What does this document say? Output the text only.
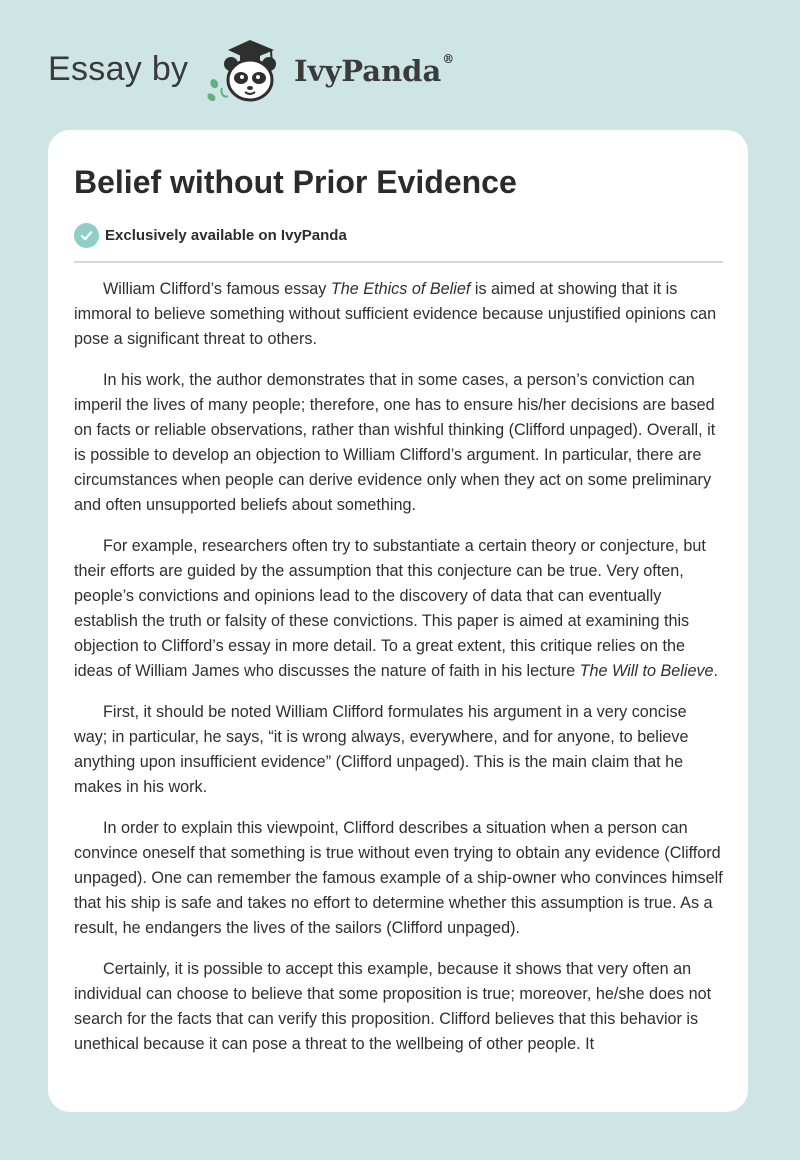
Essay by	IvyPanda®
Belief without Prior Evidence
Exclusively available on IvyPanda

William Clifford’s famous essay The Ethics of Belief is aimed at showing that it is immoral to believe something without sufficient evidence because unjustified opinions can pose a significant threat to others.

In his work, the author demonstrates that in some cases, a person’s conviction can imperil the lives of many people; therefore, one has to ensure his/her decisions are based on facts or reliable observations, rather than wishful thinking (Clifford unpaged). Overall, it is possible to develop an objection to William Clifford’s argument. In particular, there are circumstances when people can derive evidence only when they act on some preliminary and often unsupported beliefs about something.

For example, researchers often try to substantiate a certain theory or conjecture, but their efforts are guided by the assumption that this conjecture can be true. Very often, people’s convictions and opinions lead to the discovery of data that can eventually establish the truth or falsity of these convictions. This paper is aimed at examining this objection to Clifford’s essay in more detail. To a great extent, this critique relies on the ideas of William James who discusses the nature of faith in his lecture The Will to Believe.

First, it should be noted William Clifford formulates his argument in a very concise way; in particular, he says, “it is wrong always, everywhere, and for anyone, to believe anything upon insufficient evidence” (Clifford unpaged). This is the main claim that he makes in his work.

In order to explain this viewpoint, Clifford describes a situation when a person can convince oneself that something is true without even trying to obtain any evidence (Clifford unpaged). One can remember the famous example of a ship-owner who convinces himself that his ship is safe and takes no effort to determine whether this assumption is true. As a result, he endangers the lives of the sailors (Clifford unpaged).

Certainly, it is possible to accept this example, because it shows that very often an individual can choose to believe that some proposition is true; moreover, he/she does not search for the facts that can verify this proposition. Clifford believes that this behavior is unethical because it can pose a threat to the wellbeing of other people. It
